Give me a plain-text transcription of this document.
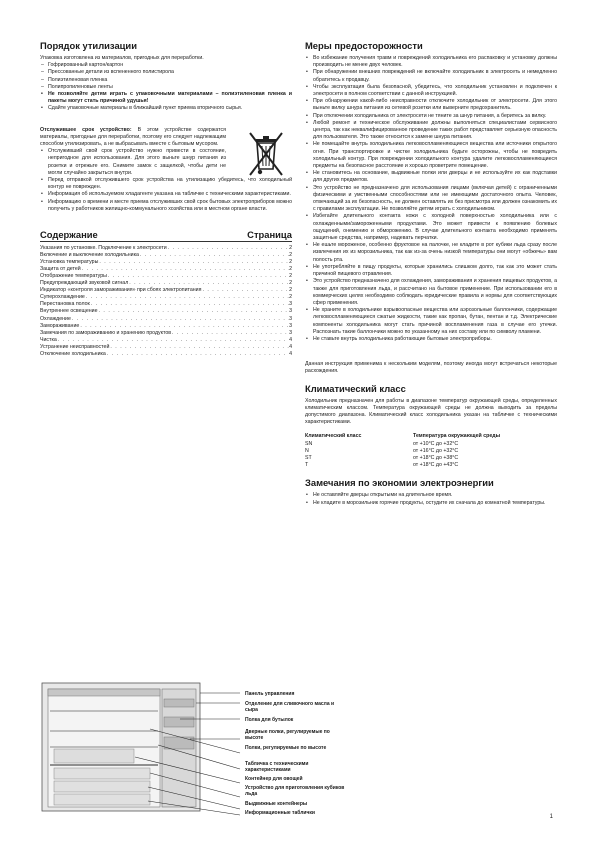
Порядок утилизации

Упаковка изготовлена из материалов, пригодных для переработки.

– Гофрированный картон/картон
– Прессованные детали из вспененного полистирола
– Полиэтиленовая пленка
– Полипропиленовые ленты
• Не позволяйте детям играть с упаковочными материалами – полиэтиленовая пленка и пакеты могут стать причиной удушья!
• Сдайте упаковочные материалы в ближайший пункт приема вторичного сырья.

Отслужившее срок устройство: В этом устройстве содержатся материалы, пригодные для переработки, поэтому его следует надлежащим способом утилизировать, а не выбрасывать вместе с бытовым мусором.

• Отслуживший свой срок устройство нужно привести в состояние, непригодное для использования. Для этого выньте шнур питания из розетки и отрежьте его. Снимите замок с защелкой, чтобы дети не могли случайно закрыться внутри.
• Перед отправкой отслужившего срок устройства на утилизацию убедитесь, что холодильный контур не поврежден.
• Информация об используемом хладагенте указана на табличке с техническими характеристиками.
• Информацию о времени и месте приема отслуживших свой срок бытовых электроприборов можно получить у работников жилищно-коммунального хозяйства или в местном органе власти.
Содержание	Страница
Указания по установке. Подключение к электросети . . .	2
Включение и выключение холодильника . . .	2
Установка температуры . . .	2
Защита от детей . . .	2
Отображение температуры . . .	2
Предупреждающий звуковой сигнал . . .	2
Индикатор «контроля замораживания» при сбоях электропитания . . .	2
Суперохлаждение . . .	2
Перестановка полок . . .	3
Внутреннее освещение . . .	3
Охлаждение . . .	3
Замораживание . . .	3
Замечания по замораживанию и хранению продуктов . . .	3
Чистка . . .	4
Устранение неисправностей . . .	4
Отключение холодильника . . .	4
Панель управления
Отделение для сливочного масла и сыра
Полка для бутылок
Дверные полки, регулируемые по высоте
Полки, регулируемые по высоте
Табличка с техническими характеристиками
Контейнер для овощей
Устройство для приготовления кубиков льда
Выдвижные контейнеры
Информационные таблички
Меры предосторожности
• Во избежание получения травм и повреждений холодильника его распаковку и установку должны производить не менее двух человек.
• При обнаружении внешних повреждений не включайте холодильник в электросеть и немедленно обратитесь к продавцу.
• Чтобы эксплуатация была безопасной, убедитесь, что холодильник установлен и подключен к электросети в полном соответствии с данной инструкцией.
• При обнаружении какой-либо неисправности отключите холодильник от электросети. Для этого выньте вилку шнура питания из сетевой розетки или выверните предохранитель.
• При отключении холодильника от электросети не тяните за шнур питания, а беритесь за вилку.
• Любой ремонт и техническое обслуживание должны выполняться специалистами сервисного центра, так как неквалифицированное проведение таких работ представляет серьезную опасность для пользователя. Это также относится к замене шнура питания.
• Не помещайте внутрь холодильника легковоспламеняющиеся вещества или источники открытого огня. При транспортировке и чистке холодильника будьте осторожны, чтобы не повредить холодильный контур. При повреждении холодильного контура удалите легковоспламеняющиеся предметы на безопасное расстояние и хорошо проветрите помещение.
• Не становитесь на основание, выдвижные полки или дверцы и не используйте их как подставки для других предметов.
• Это устройство не предназначено для использования лицами (включая детей) с ограниченными физическими и умственными способностями или не имеющими достаточного опыта. Человек, отвечающий за их безопасность, не должен оставлять их без присмотра или должен ознакомить их с правилами эксплуатации. Не позволяйте детям играть с холодильником.
• Избегайте длительного контакта кожи с холодной поверхностью холодильника или с охлажденными/замороженными продуктами. Это может привести к появлению болевых ощущений, онемению и обморожению. В случае длительного контакта необходимо применять защитные средства, например, надевать перчатки.
• Не ешьте мороженое, особенно фруктовое на палочке, не кладите в рот кубики льда сразу после извлечения их из морозильника, так как из-за очень низкой температуры они могут «обжечь» вам полость рта.
• Не употребляйте в пищу продукты, которые хранились слишком долго, так как это может стать причиной пищевого отравления.
• Это устройство предназначено для охлаждения, замораживания и хранения пищевых продуктов, а также для приготовления льда, и рассчитано на бытовое применение. При использовании его в коммерческих целях необходимо соблюдать юридические правила и нормы для соответствующих сфер применения.
• Не храните в холодильнике взрывоопасные вещества или аэрозольные баллончики, содержащие легковоспламеняющиеся сжатые жидкости, такие как пропан, бутан, пентан и т.д. Электрические компоненты холодильника могут стать причиной воспламенения газа в случае его утечки. Распознать такие баллончики можно по указанному на них составу или по символу пламени.
• Не ставьте внутрь холодильника работающие бытовые электроприборы.

Данная инструкция применима к нескольким моделям, поэтому иногда могут встречаться некоторые расхождения.

Климатический класс

Холодильник предназначен для работы в диапазоне температур окружающей среды, определенных климатическим классом. Температура окружающей среды не должна выходить за пределы допустимого диапазона. Климатический класс холодильника указан на табличке с техническими характеристиками.

Климатический класс	Температура окружающей среды
SN	от +10°C до +32°C
N	от +16°C до +32°C
ST	от +18°C до +38°C
T	от +18°C до +43°C
Замечания по экономии электроэнергии
• Не оставляйте дверцы открытыми на длительное время.
• Не кладите в морозильник горячие продукты, остудите их сначала до комнатной температуры.
1
